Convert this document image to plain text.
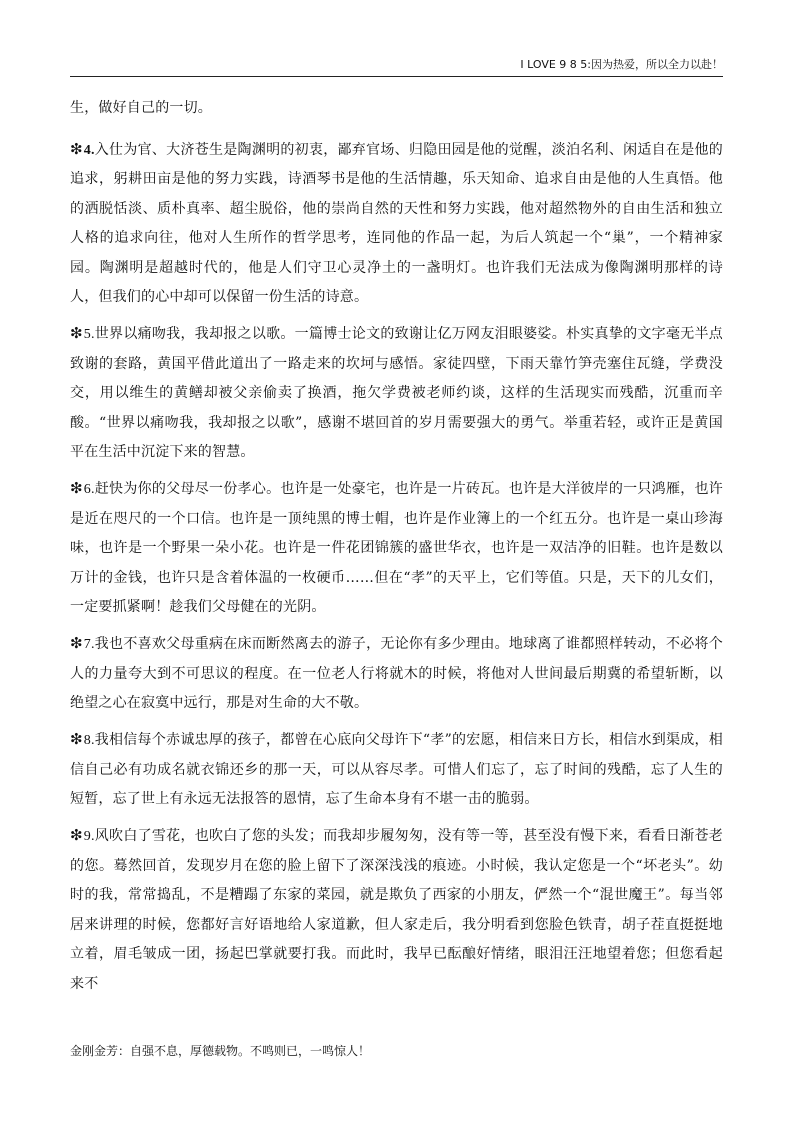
I LOVE 9 8 5:因为热爱，所以全力以赴！

生，做好自己的一切。

❇4.入仕为官、大济苍生是陶渊明的初衷，鄙弃官场、归隐田园是他的觉醒，淡泊名利、闲适自在是他的追求，躬耕田亩是他的努力实践，诗酒琴书是他的生活情趣，乐天知命、追求自由是他的人生真悟。他的洒脱恬淡、质朴真率、超尘脱俗，他的崇尚自然的天性和努力实践，他对超然物外的自由生活和独立人格的追求向往，他对人生所作的哲学思考，连同他的作品一起，为后人筑起一个“巢”，一个精神家园。陶渊明是超越时代的，他是人们守卫心灵净土的一盏明灯。也许我们无法成为像陶渊明那样的诗人，但我们的心中却可以保留一份生活的诗意。

❇5.世界以痛吻我，我却报之以歌。一篇博士论文的致谢让亿万网友泪眼婆娑。朴实真挚的文字毫无半点致谢的套路，黄国平借此道出了一路走来的坎坷与感悟。家徒四壁，下雨天靠竹笋壳塞住瓦缝，学费没交，用以维生的黄鳝却被父亲偷卖了换酒，拖欠学费被老师约谈，这样的生活现实而残酷，沉重而辛酸。“世界以痛吻我，我却报之以歌”，感谢不堪回首的岁月需要强大的勇气。举重若轻，或许正是黄国平在生活中沉淀下来的智慧。

❇6.赶快为你的父母尽一份孝心。也许是一处豪宅，也许是一片砖瓦。也许是大洋彼岸的一只鸿雁，也许是近在咫尺的一个口信。也许是一顶纯黑的博士帽，也许是作业簿上的一个红五分。也许是一桌山珍海味，也许是一个野果一朵小花。也许是一件花团锦簇的盛世华衣，也许是一双洁净的旧鞋。也许是数以万计的金钱，也许只是含着体温的一枚硬币……但在“孝”的天平上，它们等值。只是，天下的儿女们，一定要抓紧啊！趁我们父母健在的光阴。

❇7.我也不喜欢父母重病在床而断然离去的游子，无论你有多少理由。地球离了谁都照样转动，不必将个人的力量夸大到不可思议的程度。在一位老人行将就木的时候，将他对人世间最后期冀的希望斩断，以绝望之心在寂寞中远行，那是对生命的大不敬。

❇8.我相信每个赤诚忠厚的孩子，都曾在心底向父母许下“孝”的宏愿，相信来日方长，相信水到渠成，相信自己必有功成名就衣锦还乡的那一天，可以从容尽孝。可惜人们忘了，忘了时间的残酷，忘了人生的短暂，忘了世上有永远无法报答的恩情，忘了生命本身有不堪一击的脆弱。

❇9.风吹白了雪花，也吹白了您的头发；而我却步履匆匆，没有等一等，甚至没有慢下来，看看日渐苍老的您。蓦然回首，发现岁月在您的脸上留下了深深浅浅的痕迹。小时候，我认定您是一个“坏老头”。幼时的我，常常捣乱，不是糟蹋了东家的菜园，就是欺负了西家的小朋友，俨然一个“混世魔王”。每当邻居来讲理的时候，您都好言好语地给人家道歉，但人家走后，我分明看到您脸色铁青，胡子茬直挺挺地立着，眉毛皱成一团，扬起巴掌就要打我。而此时，我早已酝酿好情绪，眼泪汪汪地望着您；但您看起来不

金刚金芳：自强不息，厚德载物。不鸣则已，一鸣惊人！
